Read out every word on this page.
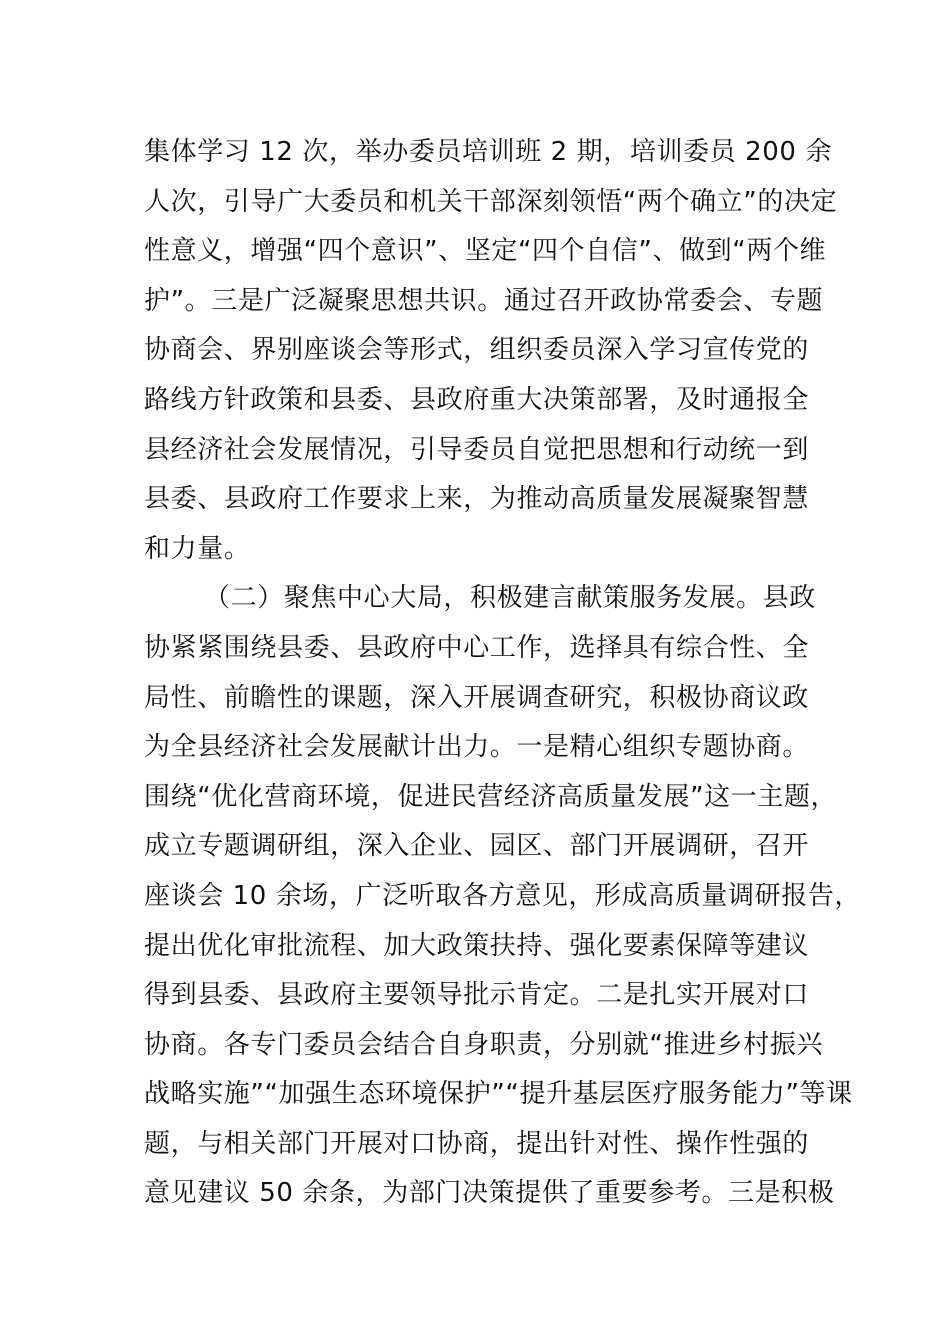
集体学习 12 次，举办委员培训班 2 期，培训委员 200 余
人次，引导广大委员和机关干部深刻领悟“两个确立”的决定
性意义，增强“四个意识”、坚定“四个自信”、做到“两个维
护”。三是广泛凝聚思想共识。通过召开政协常委会、专题
协商会、界别座谈会等形式，组织委员深入学习宣传党的
路线方针政策和县委、县政府重大决策部署，及时通报全
县经济社会发展情况，引导委员自觉把思想和行动统一到
县委、县政府工作要求上来，为推动高质量发展凝聚智慧
和力量。
（二）聚焦中心大局，积极建言献策服务发展。县政
协紧紧围绕县委、县政府中心工作，选择具有综合性、全
局性、前瞻性的课题，深入开展调查研究，积极协商议政
为全县经济社会发展献计出力。一是精心组织专题协商。
围绕“优化营商环境，促进民营经济高质量发展”这一主题，
成立专题调研组，深入企业、园区、部门开展调研，召开
座谈会 10 余场，广泛听取各方意见，形成高质量调研报告，
提出优化审批流程、加大政策扶持、强化要素保障等建议
得到县委、县政府主要领导批示肯定。二是扎实开展对口
协商。各专门委员会结合自身职责，分别就“推进乡村振兴
战略实施”“加强生态环境保护”“提升基层医疗服务能力”等课
题，与相关部门开展对口协商，提出针对性、操作性强的
意见建议 50 余条，为部门决策提供了重要参考。三是积极
